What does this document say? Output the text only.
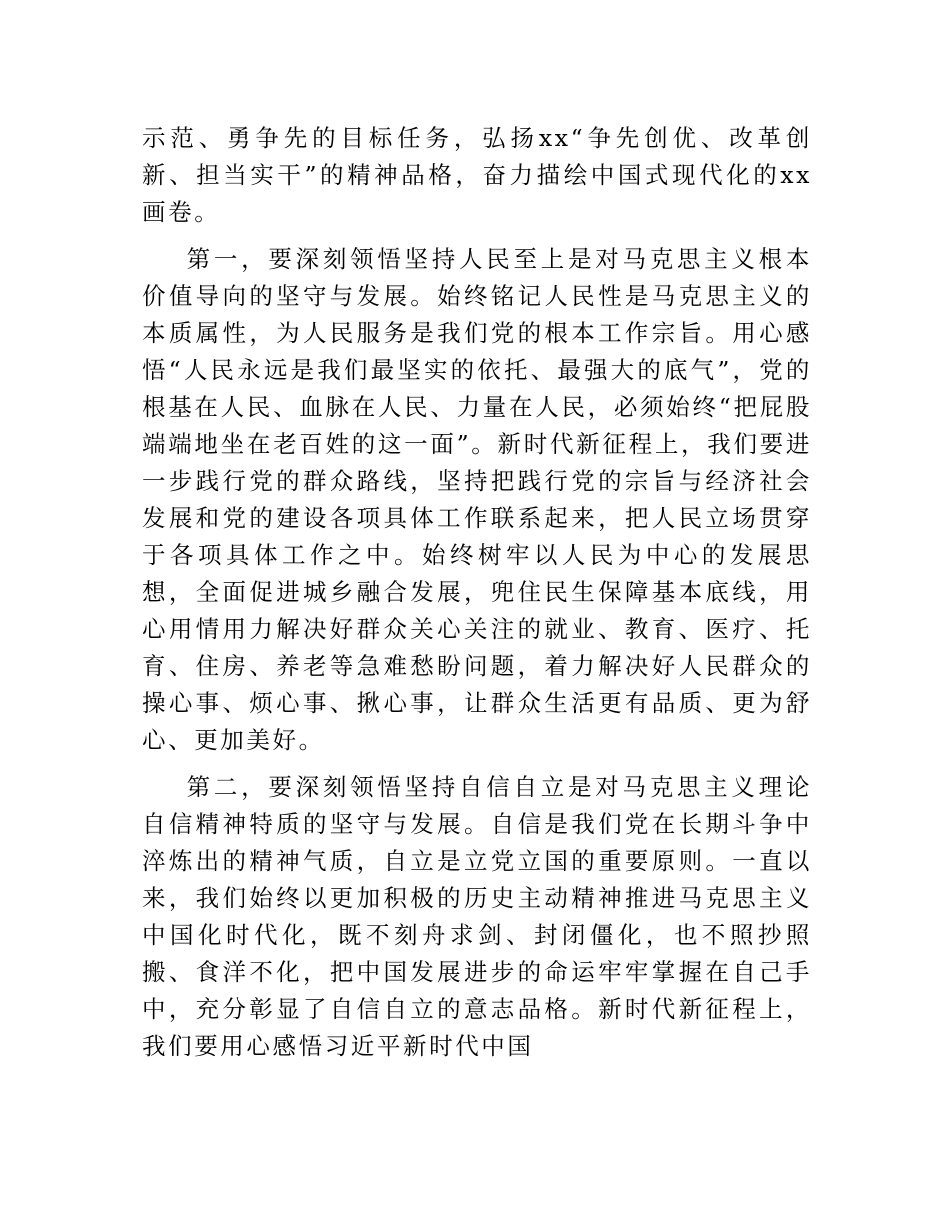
示范、勇争先的目标任务，弘扬xx“争先创优、改革创新、担当实干”的精神品格，奋力描绘中国式现代化的xx画卷。

第一，要深刻领悟坚持人民至上是对马克思主义根本价值导向的坚守与发展。始终铭记人民性是马克思主义的本质属性，为人民服务是我们党的根本工作宗旨。用心感悟“人民永远是我们最坚实的依托、最强大的底气”，党的根基在人民、血脉在人民、力量在人民，必须始终“把屁股端端地坐在老百姓的这一面”。新时代新征程上，我们要进一步践行党的群众路线，坚持把践行党的宗旨与经济社会发展和党的建设各项具体工作联系起来，把人民立场贯穿于各项具体工作之中。始终树牢以人民为中心的发展思想，全面促进城乡融合发展，兜住民生保障基本底线，用心用情用力解决好群众关心关注的就业、教育、医疗、托育、住房、养老等急难愁盼问题，着力解决好人民群众的操心事、烦心事、揪心事，让群众生活更有品质、更为舒心、更加美好。

第二，要深刻领悟坚持自信自立是对马克思主义理论自信精神特质的坚守与发展。自信是我们党在长期斗争中淬炼出的精神气质，自立是立党立国的重要原则。一直以来，我们始终以更加积极的历史主动精神推进马克思主义中国化时代化，既不刻舟求剑、封闭僵化，也不照抄照搬、食洋不化，把中国发展进步的命运牢牢掌握在自己手中，充分彰显了自信自立的意志品格。新时代新征程上，我们要用心感悟习近平新时代中国
